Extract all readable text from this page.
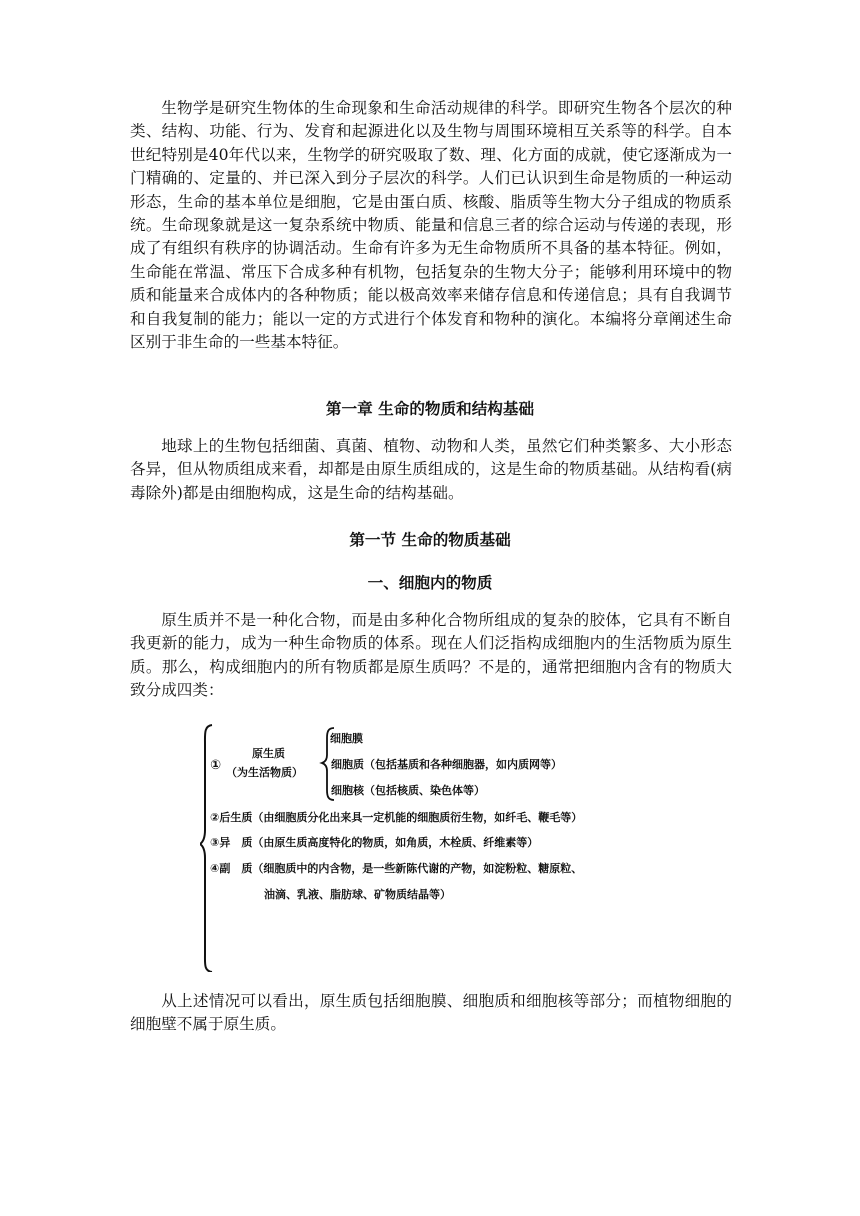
生物学是研究生物体的生命现象和生命活动规律的科学。即研究生物各个层次的种类、结构、功能、行为、发育和起源进化以及生物与周围环境相互关系等的科学。自本世纪特别是40年代以来，生物学的研究吸取了数、理、化方面的成就，使它逐渐成为一门精确的、定量的、并已深入到分子层次的科学。人们已认识到生命是物质的一种运动形态，生命的基本单位是细胞，它是由蛋白质、核酸、脂质等生物大分子组成的物质系统。生命现象就是这一复杂系统中物质、能量和信息三者的综合运动与传递的表现，形成了有组织有秩序的协调活动。生命有许多为无生命物质所不具备的基本特征。例如，生命能在常温、常压下合成多种有机物，包括复杂的生物大分子；能够利用环境中的物质和能量来合成体内的各种物质；能以极高效率来储存信息和传递信息；具有自我调节和自我复制的能力；能以一定的方式进行个体发育和物种的演化。本编将分章阐述生命区别于非生命的一些基本特征。

第一章 生命的物质和结构基础

地球上的生物包括细菌、真菌、植物、动物和人类，虽然它们种类繁多、大小形态各异，但从物质组成来看，却都是由原生质组成的，这是生命的物质基础。从结构看(病毒除外)都是由细胞构成，这是生命的结构基础。

第一节 生命的物质基础
一、细胞内的物质

原生质并不是一种化合物，而是由多种化合物所组成的复杂的胶体，它具有不断自我更新的能力，成为一种生命物质的体系。现在人们泛指构成细胞内的生活物质为原生质。那么，构成细胞内的所有物质都是原生质吗？不是的，通常把细胞内含有的物质大致分成四类：

①
原生质
（为生活物质）
细胞膜
细胞质（包括基质和各种细胞器，如内质网等）
细胞核（包括核质、染色体等）
②后生质（由细胞质分化出来具一定机能的细胞质衍生物，如纤毛、鞭毛等）
③异　质（由原生质高度特化的物质，如角质，木栓质、纤维素等）
④副　质（细胞质中的内含物，是一些新陈代谢的产物，如淀粉粒、糖原粒、
油滴、乳液、脂肪球、矿物质结晶等）

从上述情况可以看出，原生质包括细胞膜、细胞质和细胞核等部分；而植物细胞的细胞壁不属于原生质。
